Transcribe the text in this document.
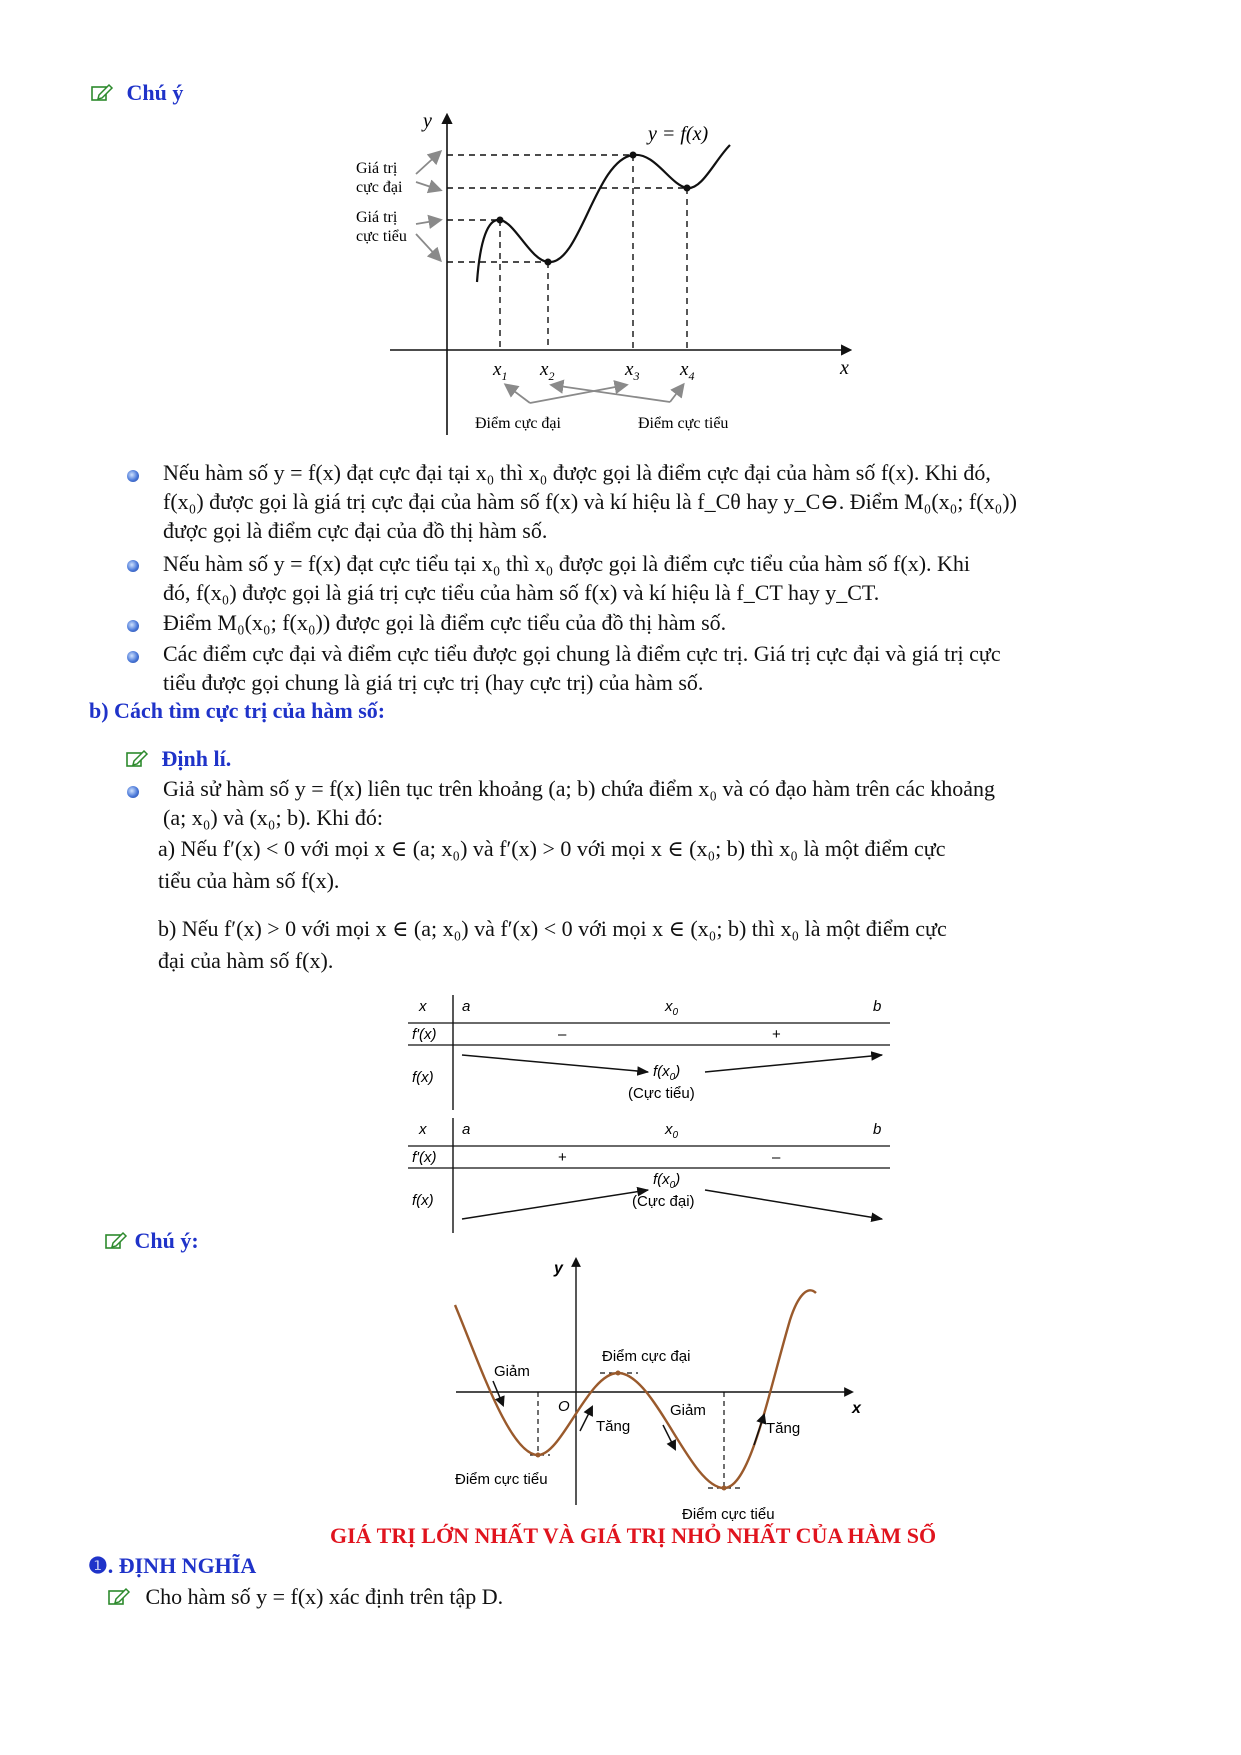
Chú ý
y
x
y = f(x)
Giá trị
cực đại
Giá trị
cực tiểu
$x_1$ $x_2$	$x_3$ $x_4$
Điểm cực đại	Điểm cực tiểu
Nếu hàm số y = f(x) đạt cực đại tại x₀ thì x₀ được gọi là điểm cực đại của hàm số f(x). Khi đó,
f(x₀) được gọi là giá trị cực đại của hàm số f(x) và kí hiệu là f_Cθ hay y_C⊖. Điểm M₀(x₀; f(x₀))
được gọi là điểm cực đại của đồ thị hàm số.
Nếu hàm số y = f(x) đạt cực tiểu tại x₀ thì x₀ được gọi là điểm cực tiểu của hàm số f(x). Khi
đó, f(x₀) được gọi là giá trị cực tiểu của hàm số f(x) và kí hiệu là f_CT hay y_CT.
Điểm M₀(x₀; f(x₀)) được gọi là điểm cực tiểu của đồ thị hàm số.
Các điểm cực đại và điểm cực tiểu được gọi chung là điểm cực trị. Giá trị cực đại và giá trị cực
tiểu được gọi chung là giá trị cực trị (hay cực trị) của hàm số.
b) Cách tìm cực trị của hàm số:
Định lí.
Giả sử hàm số y = f(x) liên tục trên khoảng (a; b) chứa điểm x₀ và có đạo hàm trên các khoảng
(a; x₀) và (x₀; b). Khi đó:
a) Nếu f′(x) < 0 với mọi x ∈ (a; x₀) và f′(x) > 0 với mọi x ∈ (x₀; b) thì x₀ là một điểm cực
tiểu của hàm số f(x).
b) Nếu f′(x) > 0 với mọi x ∈ (a; x₀) và f′(x) < 0 với mọi x ∈ (x₀; b) thì x₀ là một điểm cực
đại của hàm số f(x).
x a	$x_0$	b
f'(x)	–	+
f(x)	$f(x_0)$
(Cực tiểu)
x a	$x_0$	b
f'(x)	+	–
f(x)
$f(x_0)$
(Cực đại)
Chú ý:
y
x
O
Giảm
Tăng
Giảm
Tăng
Điểm cực đại
Điểm cực tiểu
Điểm cực tiểu
GIÁ TRỊ LỚN NHẤT VÀ GIÁ TRỊ NHỎ NHẤT CỦA HÀM SỐ
❶. ĐỊNH NGHĨA
Cho hàm số y = f(x) xác định trên tập D.
